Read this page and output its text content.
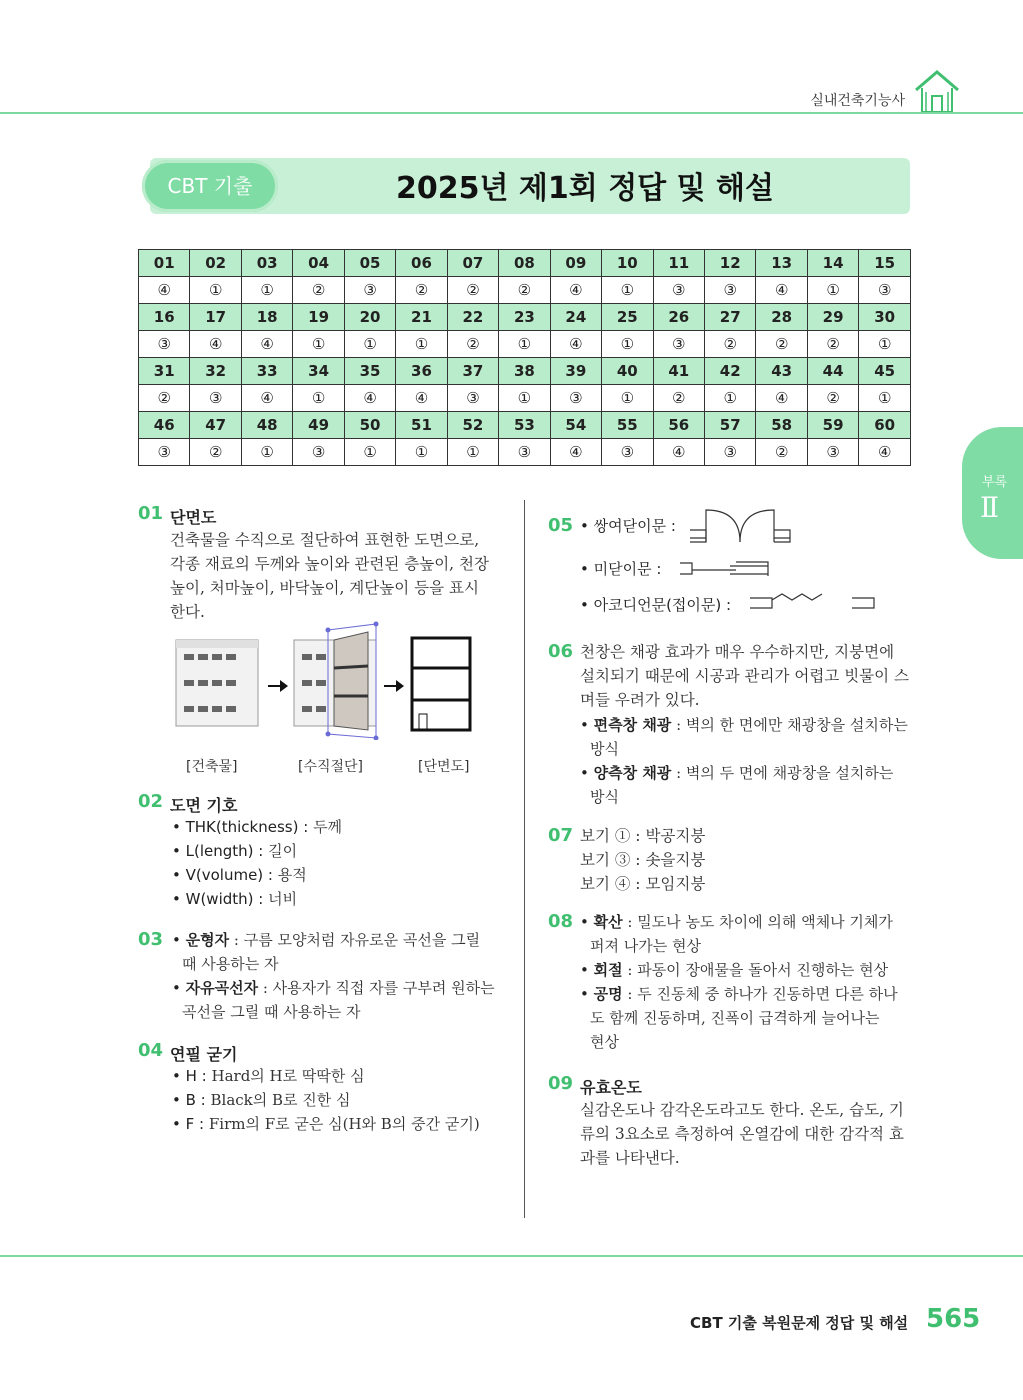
실내건축기능사
CBT 기출	2025년 제1회 정답 및 해설
01	02	03	04	05	06	07	08	09	10	11	12	13	14	15
④	①	①	②	③	②	②	②	④	①	③	③	④	①	③
16	17	18	19	20	21	22	23	24	25	26	27	28	29	30
③	④	④	①	①	①	②	①	④	①	③	②	②	②	①
31	32	33	34	35	36	37	38	39	40	41	42	43	44	45
②	③	④	①	④	④	③	①	③	①	②	①	④	②	①
46	47	48	49	50	51	52	53	54	55	56	57	58	59	60
③	②	①	③	①	①	①	③	④	③	④	③	②	③	④
부록
Ⅱ
01 단면도
건축물을 수직으로 절단하여 표현한 도면으로,
각종 재료의 두께와 높이와 관련된 층높이, 천장
높이, 처마높이, 바닥높이, 계단높이 등을 표시
한다.
[건축물]	[수직절단]	[단면도]
02 도면 기호
• THK(thickness) : 두께
• L(length) : 길이
• V(volume) : 용적
• W(width) : 너비
03 • 운형자 : 구름 모양처럼 자유로운 곡선을 그릴
때 사용하는 자
• 자유곡선자 : 사용자가 직접 자를 구부려 원하는
곡선을 그릴 때 사용하는 자
04 연필 굳기
• H : Hard의 H로 딱딱한 심
• B : Black의 B로 진한 심
• F : Firm의 F로 굳은 심(H와 B의 중간 굳기)
05 • 쌍여닫이문 :
• 미닫이문 :
• 아코디언문(접이문) :
06 천창은 채광 효과가 매우 우수하지만, 지붕면에
설치되기 때문에 시공과 관리가 어렵고 빗물이 스
며들 우려가 있다.
• 편측창 채광 : 벽의 한 면에만 채광창을 설치하는
방식
• 양측창 채광 : 벽의 두 면에 채광창을 설치하는
방식
07 보기 ① : 박공지붕
보기 ③ : 솟을지붕
보기 ④ : 모임지붕
08 • 확산 : 밀도나 농도 차이에 의해 액체나 기체가
퍼져 나가는 현상
• 회절 : 파동이 장애물을 돌아서 진행하는 현상
• 공명 : 두 진동체 중 하나가 진동하면 다른 하나
도 함께 진동하며, 진폭이 급격하게 늘어나는
현상
09 유효온도
실감온도나 감각온도라고도 한다. 온도, 습도, 기
류의 3요소로 측정하여 온열감에 대한 감각적 효
과를 나타낸다.
CBT 기출 복원문제 정답 및 해설 565
